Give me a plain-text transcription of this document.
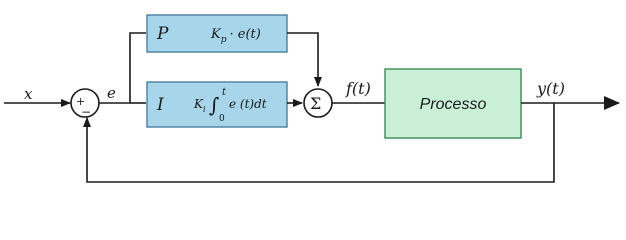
x	+
−
e
P	$K_p \cdot e(t)$
I	$K_i$ ∫
t
0
e (t)dt	Σ
f(t)
Processo
y(t)
